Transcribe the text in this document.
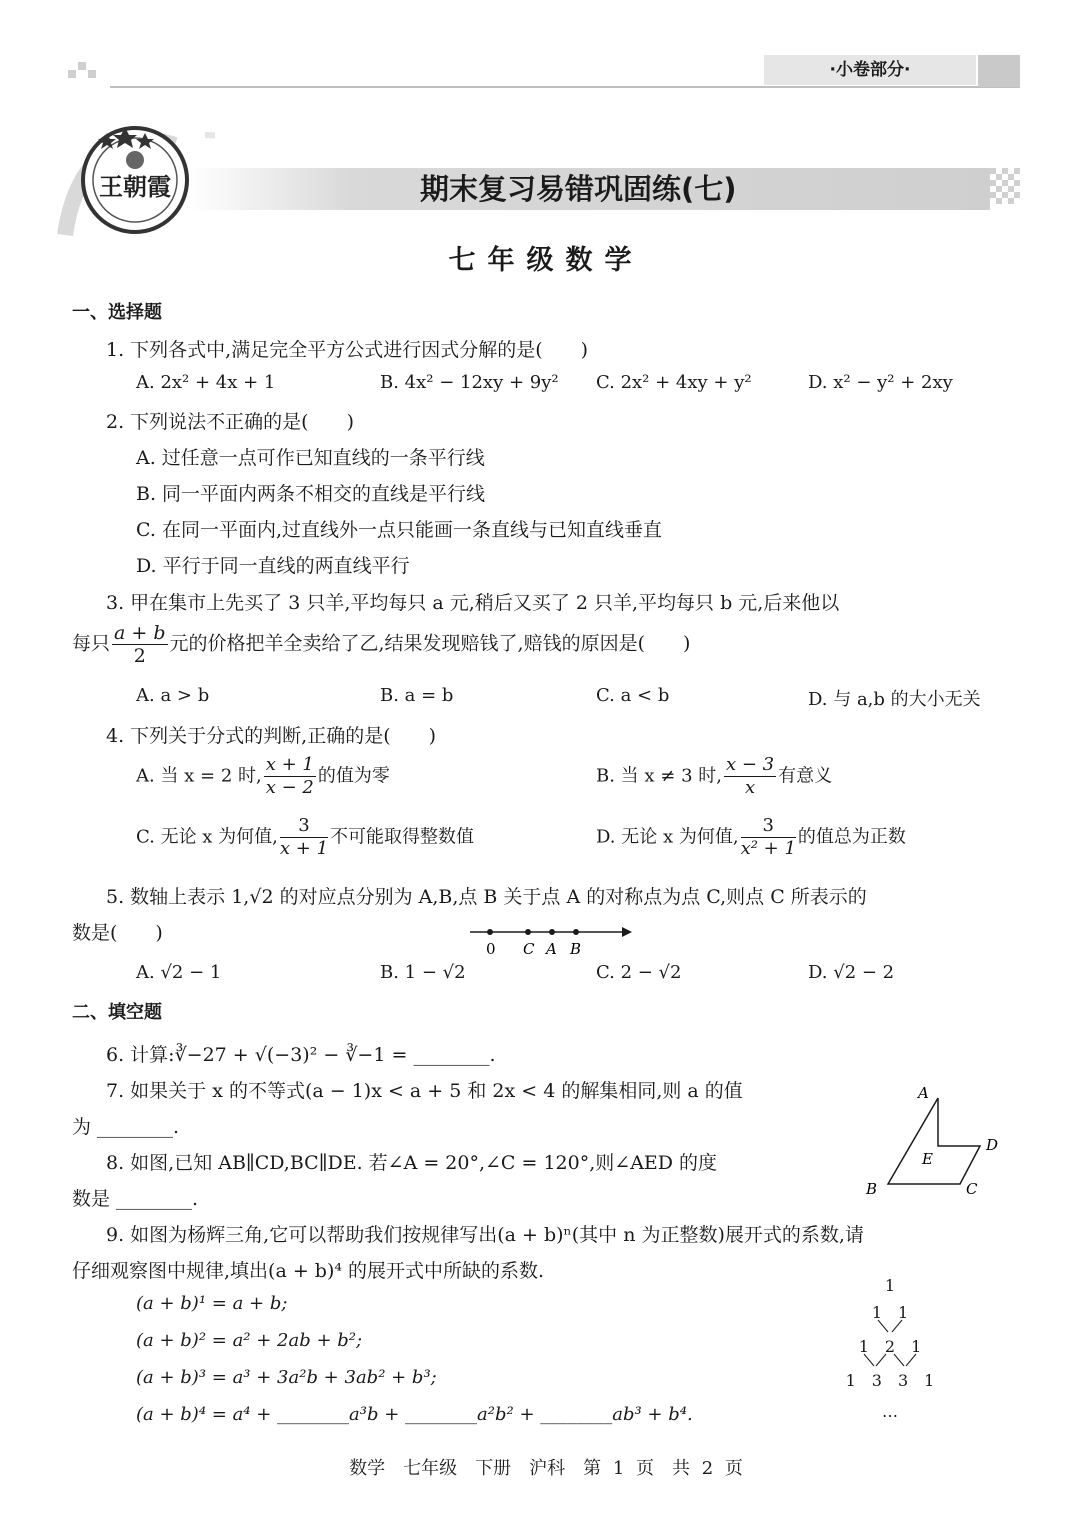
·小卷部分·
王朝霞	期末复习易错巩固练(七)
七年级数学
一、选择题
1. 下列各式中,满足完全平方公式进行因式分解的是(　　)
A. 2x² + 4x + 1	B. 4x² − 12xy + 9y² C. 2x² + 4xy + y²	D. x² − y² + 2xy
2. 下列说法不正确的是(　　)
A. 过任意一点可作已知直线的一条平行线
B. 同一平面内两条不相交的直线是平行线
C. 在同一平面内,过直线外一点只能画一条直线与已知直线垂直
D. 平行于同一直线的两直线平行
3. 甲在集市上先买了 3 只羊,平均每只 a 元,稍后又买了 2 只羊,平均每只 b 元,后来他以
每只 $\frac{a + b}{2}$ 元的价格把羊全卖给了乙,结果发现赔钱了,赔钱的原因是(　　)
A. a > b	B. a = b	C. a < b	D. 与 a,b 的大小无关
4. 下列关于分式的判断,正确的是(　　)
A. 当 x = 2 时, $\frac{x + 1}{x - 2}$ 的值为零	B. 当 x ≠ 3 时, $\frac{x - 3}{x}$ 有意义
C. 无论 x 为何值, $\frac{3}{x + 1}$ 不可能取得整数值	D. 无论 x 为何值, $\frac{3}{\text{x² + 1}}$ 的值总为正数
5. 数轴上表示 1,√2 的对应点分别为 A,B,点 B 关于点 A 的对称点为点 C,则点 C 所表示的
数是(　　)
0 C A B
A. √2 − 1	B. 1 − √2	C. 2 − √2	D. √2 − 2
二、填空题
6. 计算:∛−27 + √(−3)² − ∛−1 = ________.
7. 如果关于 x 的不等式(a − 1)x < a + 5 和 2x < 4 的解集相同,则 a 的值
为 ________.
8. 如图,已知 AB∥CD,BC∥DE. 若∠A = 20°,∠C = 120°,则∠AED 的度
数是 ________.
A
B	C
D
E
9. 如图为杨辉三角,它可以帮助我们按规律写出(a + b)ⁿ(其中 n 为正整数)展开式的系数,请
仔细观察图中规律,填出(a + b)⁴ 的展开式中所缺的系数.
(a + b)¹ = a + b;
(a + b)² = a² + 2ab + b²;
(a + b)³ = a³ + 3a²b + 3ab² + b³;
(a + b)⁴ = a⁴ + ________a³b + ________a²b² + ________ab³ + b⁴.
1
1　1
1　2　1
1　3　3　1
…
数学　七年级　下册　沪科　第 1 页　共 2 页
